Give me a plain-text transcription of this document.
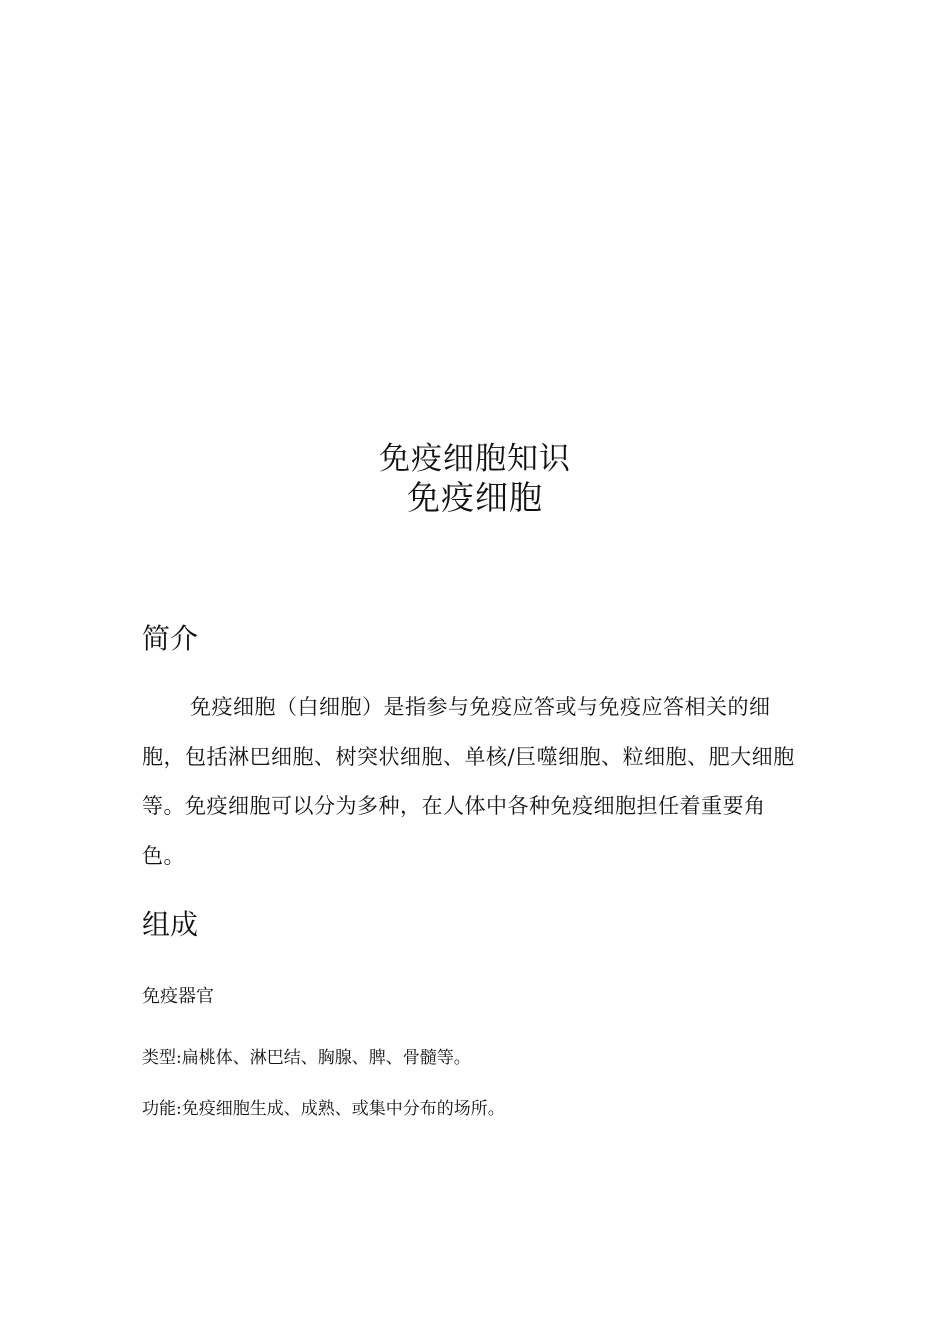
免疫细胞知识
免疫细胞
简介

免疫细胞（白细胞）是指参与免疫应答或与免疫应答相关的细胞，包括淋巴细胞、树突状细胞、单核/巨噬细胞、粒细胞、肥大细胞等。免疫细胞可以分为多种，在人体中各种免疫细胞担任着重要角色。

组成

免疫器官

类型:扁桃体、淋巴结、胸腺、脾、骨髓等。

功能:免疫细胞生成、成熟、或集中分布的场所。
